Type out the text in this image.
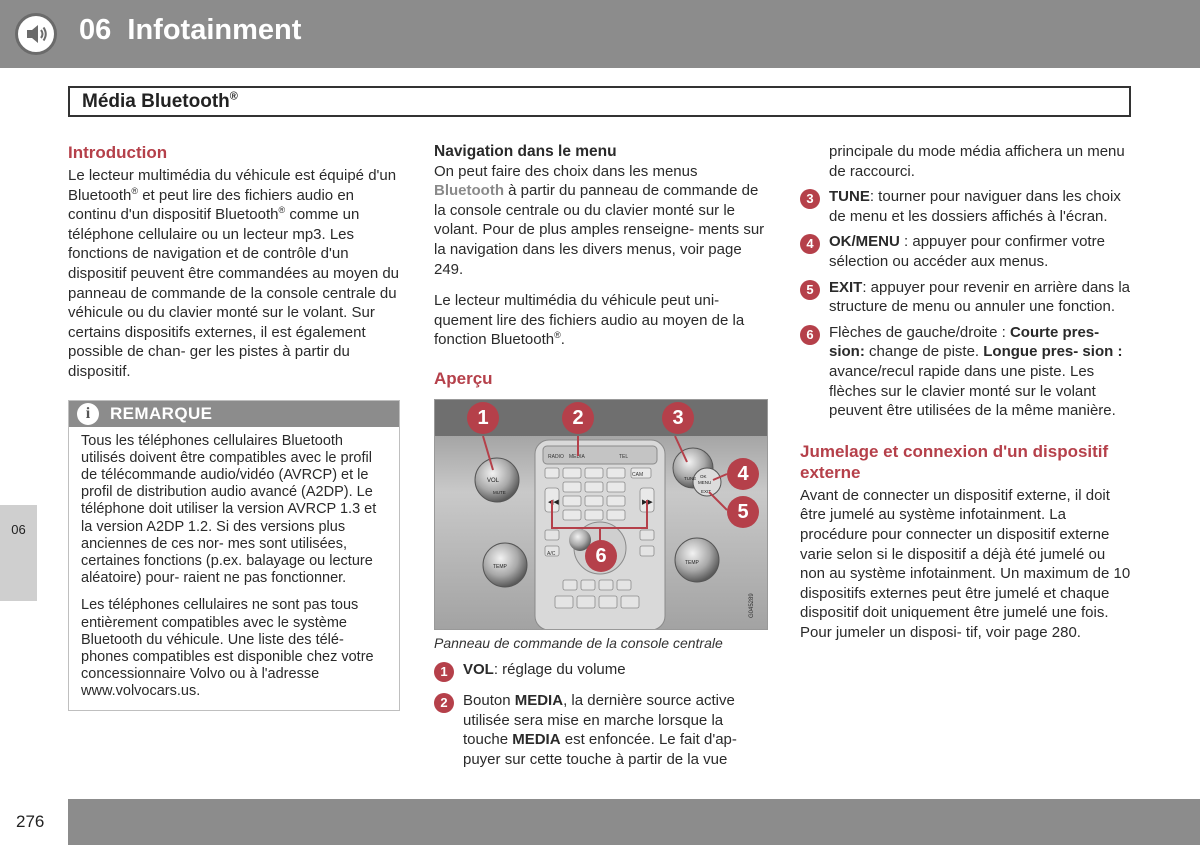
06 Infotainment
Média Bluetooth®
06
Introduction

Le lecteur multimédia du véhicule est équipé d'un Bluetooth® et peut lire des fichiers audio en continu d'un dispositif Bluetooth® comme un téléphone cellulaire ou un lecteur mp3. Les fonctions de navigation et de contrôle d'un dispositif peuvent être commandées au moyen du panneau de commande de la console centrale du véhicule ou du clavier monté sur le volant. Sur certains dispositifs externes, il est également possible de chan- ger les pistes à partir du dispositif.

i	REMARQUE

Tous les téléphones cellulaires Bluetooth utilisés doivent être compatibles avec le profil de télécommande audio/vidéo (AVRCP) et le profil de distribution audio avancé (A2DP). Le téléphone doit utiliser la version AVRCP 1.3 et la version A2DP 1.2. Si des versions plus anciennes de ces nor- mes sont utilisées, certaines fonctions (p.ex. balayage ou lecture aléatoire) pour- raient ne pas fonctionner.

Les téléphones cellulaires ne sont pas tous entièrement compatibles avec le système Bluetooth du véhicule. Une liste des télé- phones compatibles est disponible chez votre concessionnaire Volvo ou à l'adresse www.volvocars.us.

Navigation dans le menu

On peut faire des choix dans les menus Bluetooth à partir du panneau de commande de la console centrale ou du clavier monté sur le volant. Pour de plus amples renseigne- ments sur la navigation dans les divers menus, voir page 249.

Le lecteur multimédia du véhicule peut uni- quement lire des fichiers audio au moyen de la fonction Bluetooth®.

Aperçu
RADIO MEDIA	TEL
◀◀	▶▶
CAM
A/C
VOL
MUTE
TEMP
OK
MENU
TUNE
EXIT
TEMP
G045289
1	2	3
4
5
6
Panneau de commande de la console centrale
1	VOL: réglage du volume
2	Bouton MEDIA, la dernière source active utilisée sera mise en marche lorsque la touche MEDIA est enfoncée. Le fait d'ap- puyer sur cette touche à partir de la vue

principale du mode média affichera un menu de raccourci.

3	TUNE: tourner pour naviguer dans les choix de menu et les dossiers affichés à l'écran.
4	OK/MENU : appuyer pour confirmer votre sélection ou accéder aux menus.
5	EXIT: appuyer pour revenir en arrière dans la structure de menu ou annuler une fonction.
6	Flèches de gauche/droite : Courte pres- sion: change de piste. Longue pres- sion : avance/recul rapide dans une piste. Les flèches sur le clavier monté sur le volant peuvent être utilisées de la même manière.
Jumelage et connexion d'un dispositif externe

Avant de connecter un dispositif externe, il doit être jumelé au système infotainment. La procédure pour connecter un dispositif externe varie selon si le dispositif a déjà été jumelé ou non au système infotainment. Un maximum de 10 dispositifs externes peut être jumelé et chaque dispositif doit uniquement être jumelé une fois. Pour jumeler un disposi- tif, voir page 280.

276
